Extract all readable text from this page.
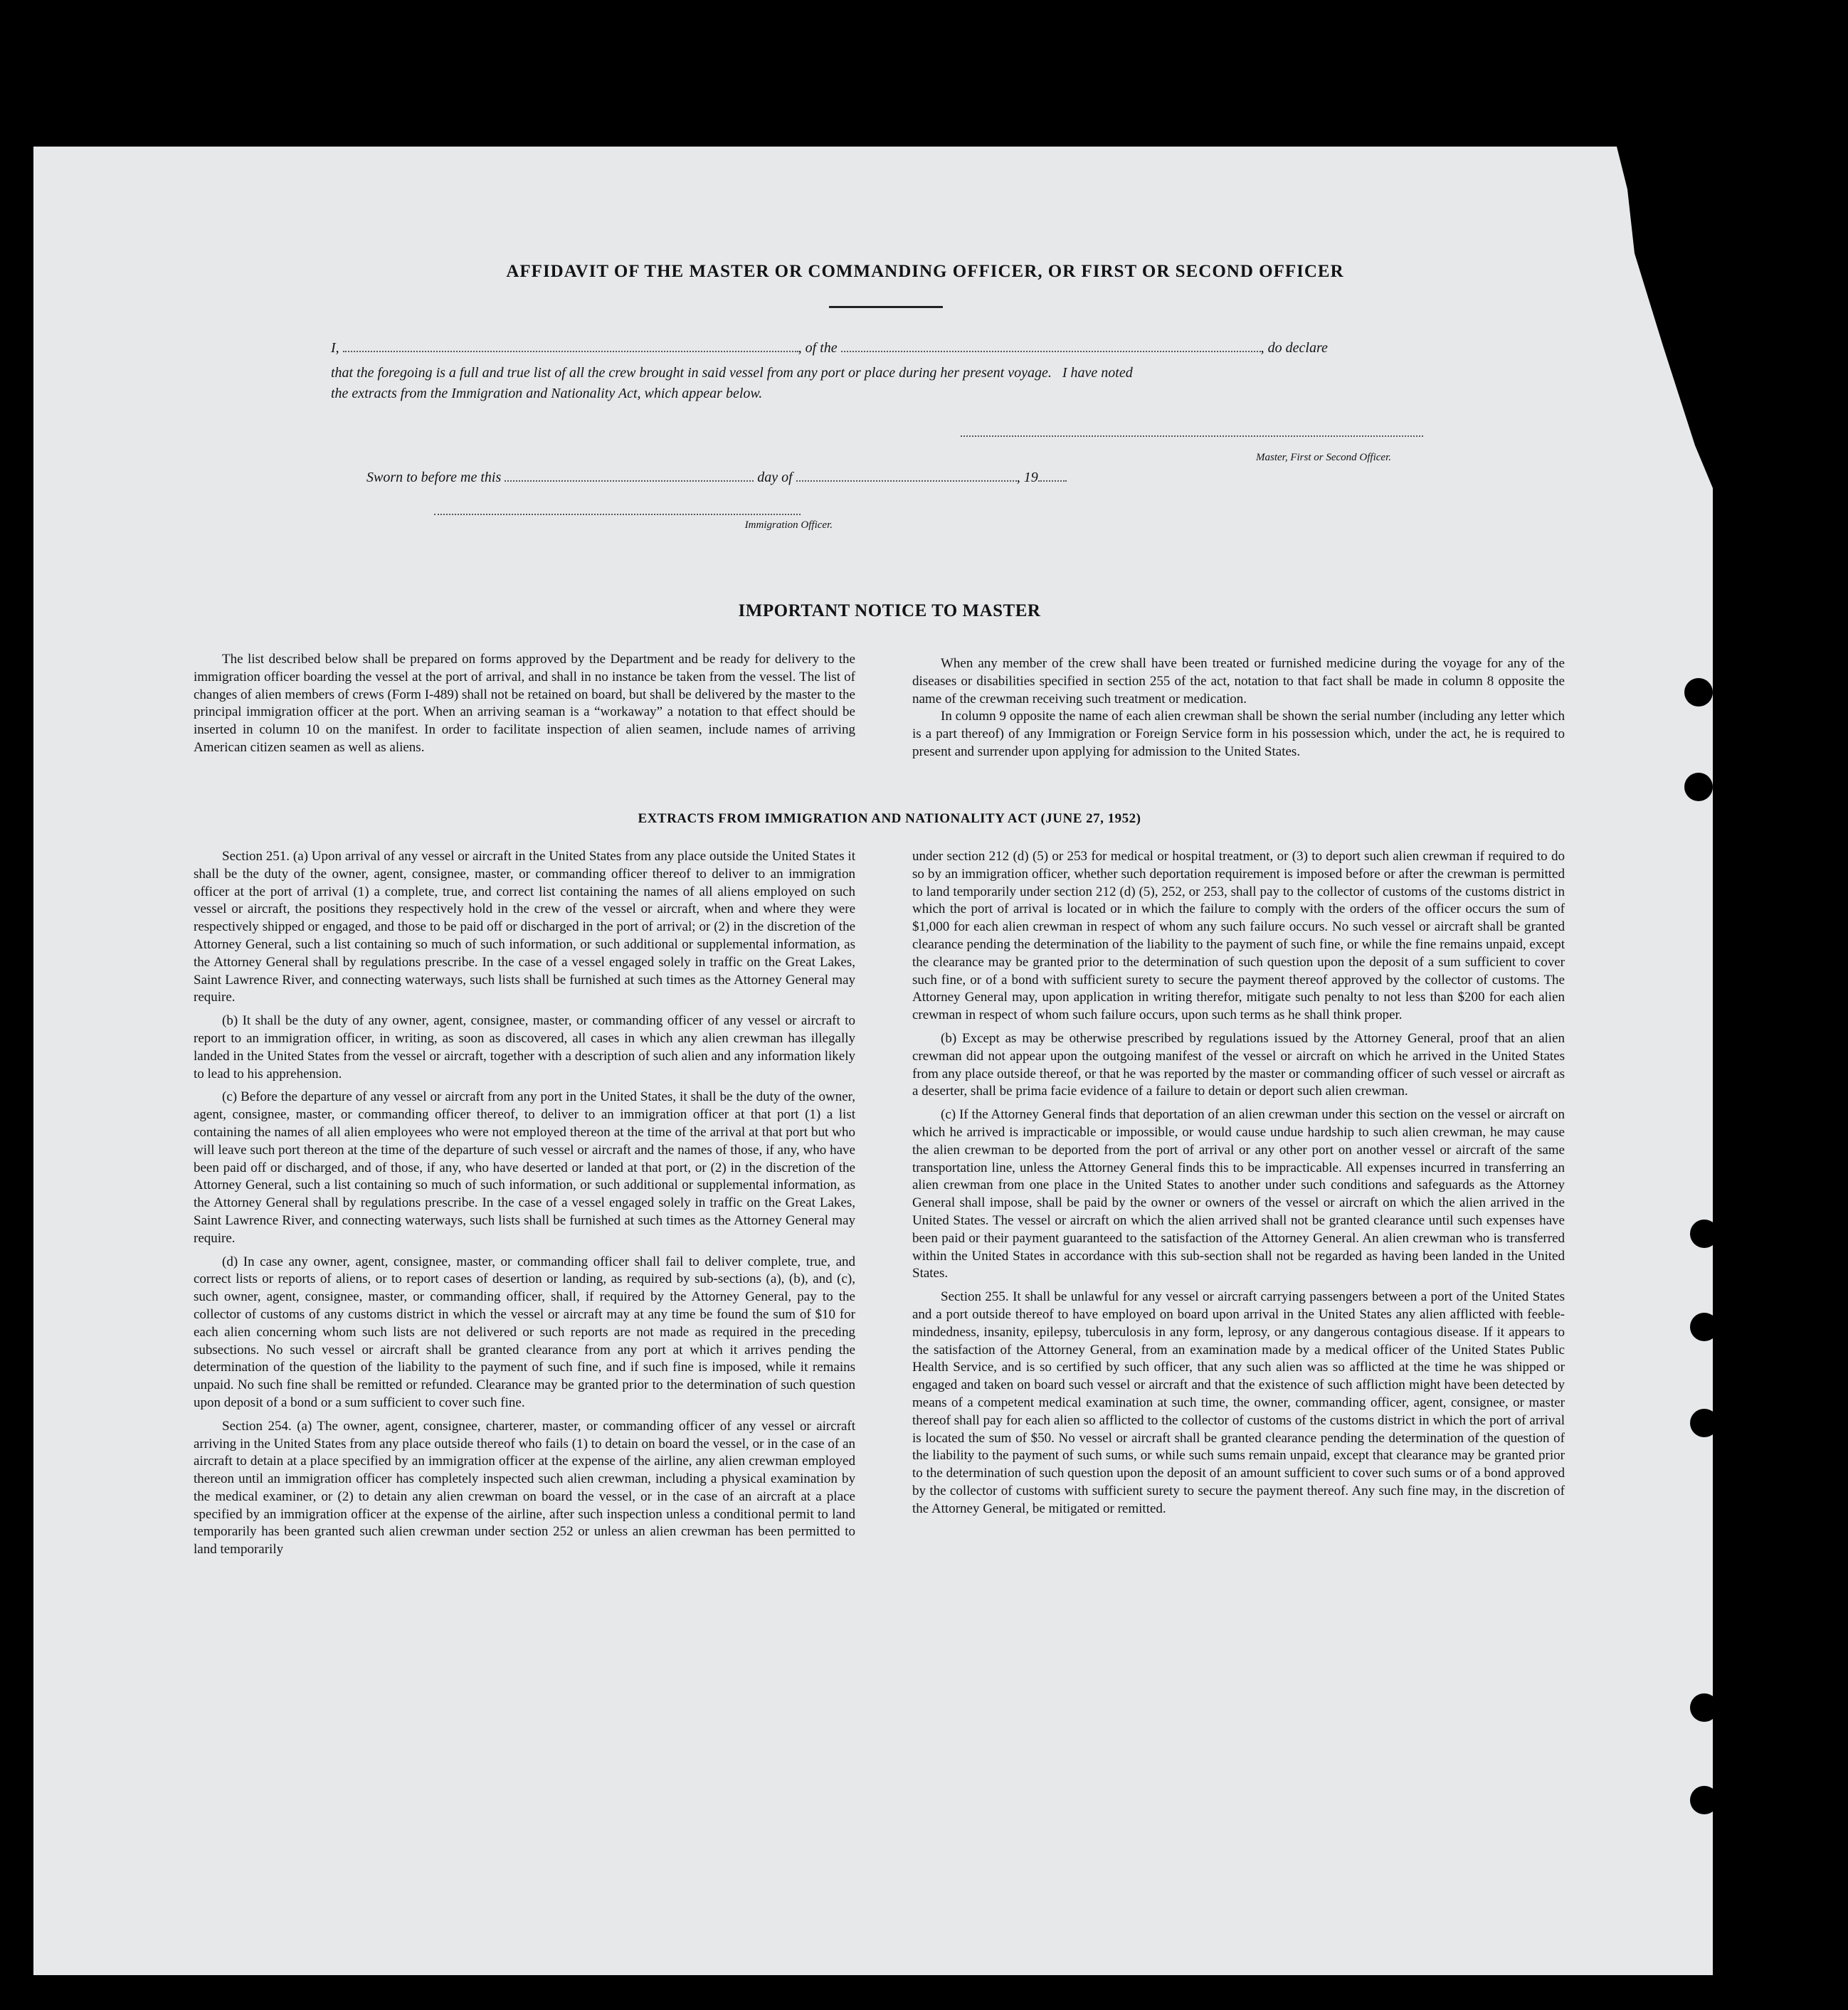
AFFIDAVIT OF THE MASTER OR COMMANDING OFFICER, OR FIRST OR SECOND OFFICER
I,	, of the	, do declare
that the foregoing is a full and true list of all the crew brought in said vessel from any port or place during her present voyage.   I have noted
the extracts from the Immigration and Nationality Act, which appear below.
Master, First or Second Officer.
Sworn to before me this	day of	, 19
Immigration Officer.
IMPORTANT NOTICE TO MASTER

The list described below shall be prepared on forms approved by the Department and be ready for delivery to the immigration officer boarding the vessel at the port of arrival, and shall in no instance be taken from the vessel. The list of changes of alien members of crews (Form I-489) shall not be retained on board, but shall be delivered by the master to the principal immigration officer at the port. When an arriving seaman is a “workaway” a notation to that effect should be inserted in column 10 on the manifest. In order to facilitate inspection of alien seamen, include names of arriving American citizen seamen as well as aliens.

When any member of the crew shall have been treated or furnished medicine during the voyage for any of the diseases or disabilities specified in section 255 of the act, notation to that fact shall be made in column 8 opposite the name of the crewman receiving such treatment or medication.

In column 9 opposite the name of each alien crewman shall be shown the serial number (including any letter which is a part thereof) of any Immigration or Foreign Service form in his possession which, under the act, he is required to present and surrender upon applying for admission to the United States.

EXTRACTS FROM IMMIGRATION AND NATIONALITY ACT (JUNE 27, 1952)

Section 251. (a) Upon arrival of any vessel or aircraft in the United States from any place outside the United States it shall be the duty of the owner, agent, consignee, master, or commanding officer thereof to deliver to an immigration officer at the port of arrival (1) a complete, true, and correct list containing the names of all aliens employed on such vessel or aircraft, the positions they respectively hold in the crew of the vessel or aircraft, when and where they were respectively shipped or engaged, and those to be paid off or discharged in the port of arrival; or (2) in the discretion of the Attorney General, such a list containing so much of such information, or such additional or supplemental information, as the Attorney General shall by regulations prescribe. In the case of a vessel engaged solely in traffic on the Great Lakes, Saint Lawrence River, and connecting waterways, such lists shall be furnished at such times as the Attorney General may require.

(b) It shall be the duty of any owner, agent, consignee, master, or commanding officer of any vessel or aircraft to report to an immigration officer, in writing, as soon as discovered, all cases in which any alien crewman has illegally landed in the United States from the vessel or aircraft, together with a description of such alien and any information likely to lead to his apprehension.

(c) Before the departure of any vessel or aircraft from any port in the United States, it shall be the duty of the owner, agent, consignee, master, or commanding officer thereof, to deliver to an immigration officer at that port (1) a list containing the names of all alien employees who were not employed thereon at the time of the arrival at that port but who will leave such port thereon at the time of the departure of such vessel or aircraft and the names of those, if any, who have been paid off or discharged, and of those, if any, who have deserted or landed at that port, or (2) in the discretion of the Attorney General, such a list containing so much of such information, or such additional or supplemental information, as the Attorney General shall by regulations prescribe. In the case of a vessel engaged solely in traffic on the Great Lakes, Saint Lawrence River, and connecting waterways, such lists shall be furnished at such times as the Attorney General may require.

(d) In case any owner, agent, consignee, master, or commanding officer shall fail to deliver complete, true, and correct lists or reports of aliens, or to report cases of desertion or landing, as required by sub-sections (a), (b), and (c), such owner, agent, consignee, master, or commanding officer, shall, if required by the Attorney General, pay to the collector of customs of any customs district in which the vessel or aircraft may at any time be found the sum of $10 for each alien concerning whom such lists are not delivered or such reports are not made as required in the preceding subsections. No such vessel or aircraft shall be granted clearance from any port at which it arrives pending the determination of the question of the liability to the payment of such fine, and if such fine is imposed, while it remains unpaid. No such fine shall be remitted or refunded. Clearance may be granted prior to the determination of such question upon deposit of a bond or a sum sufficient to cover such fine.

Section 254. (a) The owner, agent, consignee, charterer, master, or commanding officer of any vessel or aircraft arriving in the United States from any place outside thereof who fails (1) to detain on board the vessel, or in the case of an aircraft to detain at a place specified by an immigration officer at the expense of the airline, any alien crewman employed thereon until an immigration officer has completely inspected such alien crewman, including a physical examination by the medical examiner, or (2) to detain any alien crewman on board the vessel, or in the case of an aircraft at a place specified by an immigration officer at the expense of the airline, after such inspection unless a conditional permit to land temporarily has been granted such alien crewman under section 252 or unless an alien crewman has been permitted to land temporarily

under section 212 (d) (5) or 253 for medical or hospital treatment, or (3) to deport such alien crewman if required to do so by an immigration officer, whether such deportation requirement is imposed before or after the crewman is permitted to land temporarily under section 212 (d) (5), 252, or 253, shall pay to the collector of customs of the customs district in which the port of arrival is located or in which the failure to comply with the orders of the officer occurs the sum of $1,000 for each alien crewman in respect of whom any such failure occurs. No such vessel or aircraft shall be granted clearance pending the determination of the liability to the payment of such fine, or while the fine remains unpaid, except the clearance may be granted prior to the determination of such question upon the deposit of a sum sufficient to cover such fine, or of a bond with sufficient surety to secure the payment thereof approved by the collector of customs. The Attorney General may, upon application in writing therefor, mitigate such penalty to not less than $200 for each alien crewman in respect of whom such failure occurs, upon such terms as he shall think proper.

(b) Except as may be otherwise prescribed by regulations issued by the Attorney General, proof that an alien crewman did not appear upon the outgoing manifest of the vessel or aircraft on which he arrived in the United States from any place outside thereof, or that he was reported by the master or commanding officer of such vessel or aircraft as a deserter, shall be prima facie evidence of a failure to detain or deport such alien crewman.

(c) If the Attorney General finds that deportation of an alien crewman under this section on the vessel or aircraft on which he arrived is impracticable or impossible, or would cause undue hardship to such alien crewman, he may cause the alien crewman to be deported from the port of arrival or any other port on another vessel or aircraft of the same transportation line, unless the Attorney General finds this to be impracticable. All expenses incurred in transferring an alien crewman from one place in the United States to another under such conditions and safeguards as the Attorney General shall impose, shall be paid by the owner or owners of the vessel or aircraft on which the alien arrived in the United States. The vessel or aircraft on which the alien arrived shall not be granted clearance until such expenses have been paid or their payment guaranteed to the satisfaction of the Attorney General. An alien crewman who is transferred within the United States in accordance with this sub-section shall not be regarded as having been landed in the United States.

Section 255. It shall be unlawful for any vessel or aircraft carrying passengers between a port of the United States and a port outside thereof to have employed on board upon arrival in the United States any alien afflicted with feeble-mindedness, insanity, epilepsy, tuberculosis in any form, leprosy, or any dangerous contagious disease. If it appears to the satisfaction of the Attorney General, from an examination made by a medical officer of the United States Public Health Service, and is so certified by such officer, that any such alien was so afflicted at the time he was shipped or engaged and taken on board such vessel or aircraft and that the existence of such affliction might have been detected by means of a competent medical examination at such time, the owner, commanding officer, agent, consignee, or master thereof shall pay for each alien so afflicted to the collector of customs of the customs district in which the port of arrival is located the sum of $50. No vessel or aircraft shall be granted clearance pending the determination of the question of the liability to the payment of such sums, or while such sums remain unpaid, except that clearance may be granted prior to the determination of such question upon the deposit of an amount sufficient to cover such sums or of a bond approved by the collector of customs with sufficient surety to secure the payment thereof. Any such fine may, in the discretion of the Attorney General, be mitigated or remitted.
